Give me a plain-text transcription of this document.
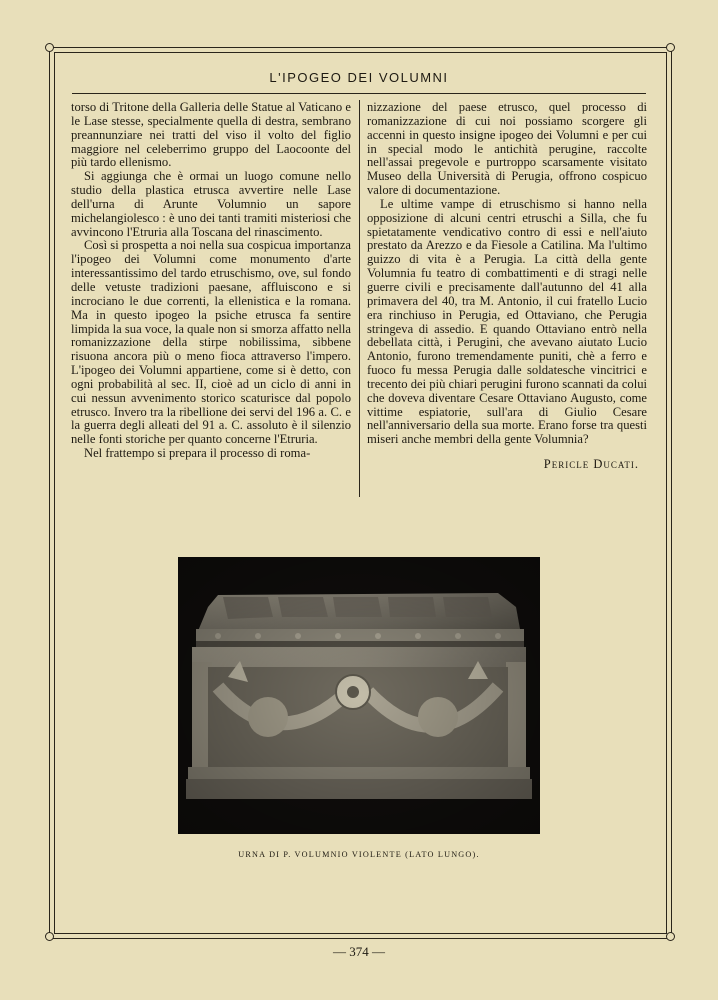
L'IPOGEO DEI VOLUMNI

torso di Tritone della Galleria delle Statue al Vaticano e le Lase stesse, specialmente quella di destra, sembrano preannunziare nei tratti del viso il volto del figlio maggiore nel celeberrimo gruppo del Laocoonte del più tardo ellenismo.

Si aggiunga che è ormai un luogo comune nello studio della plastica etrusca avvertire nelle Lase dell'urna di Arunte Volumnio un sapore michelangiolesco : è uno dei tanti tramiti misteriosi che avvincono l'Etruria alla Toscana del rinascimento.

Così si prospetta a noi nella sua cospicua importanza l'ipogeo dei Volumni come monumento d'arte interessantissimo del tardo etruschismo, ove, sul fondo delle vetuste tradizioni paesane, affluiscono e si incrociano le due correnti, la ellenistica e la romana. Ma in questo ipogeo la psiche etrusca fa sentire limpida la sua voce, la quale non si smorza affatto nella romanizzazione della stirpe nobilissima, sibbene risuona ancora più o meno fioca attraverso l'impero. L'ipogeo dei Volumni appartiene, come si è detto, con ogni probabilità al sec. II, cioè ad un ciclo di anni in cui nessun avvenimento storico scaturisce dal popolo etrusco. Invero tra la ribellione dei servi del 196 a. C. e la guerra degli alleati del 91 a. C. assoluto è il silenzio nelle fonti storiche per quanto concerne l'Etruria.

Nel frattempo si prepara il processo di roma-

nizzazione del paese etrusco, quel processo di romanizzazione di cui noi possiamo scorgere gli accenni in questo insigne ipogeo dei Volumni e per cui in special modo le antichità perugine, raccolte nell'assai pregevole e purtroppo scarsamente visitato Museo della Università di Perugia, offrono cospicuo valore di documentazione.

Le ultime vampe di etruschismo si hanno nella opposizione di alcuni centri etruschi a Silla, che fu spietatamente vendicativo contro di essi e nell'aiuto prestato da Arezzo e da Fiesole a Catilina. Ma l'ultimo guizzo di vita è a Perugia. La città della gente Volumnia fu teatro di combattimenti e di stragi nelle guerre civili e precisamente dall'autunno del 41 alla primavera del 40, tra M. Antonio, il cui fratello Lucio era rinchiuso in Perugia, ed Ottaviano, che Perugia stringeva di assedio. E quando Ottaviano entrò nella debellata città, i Perugini, che avevano aiutato Lucio Antonio, furono tremendamente puniti, chè a ferro e fuoco fu messa Perugia dalle soldatesche vincitrici e trecento dei più chiari perugini furono scannati da colui che doveva diventare Cesare Ottaviano Augusto, come vittime espiatorie, sull'ara di Giulio Cesare nell'anniversario della sua morte. Erano forse tra questi miseri anche membri della gente Volumnia?

Pericle Ducati.
URNA DI P. VOLUMNIO VIOLENTE (LATO LUNGO).
— 374 —
